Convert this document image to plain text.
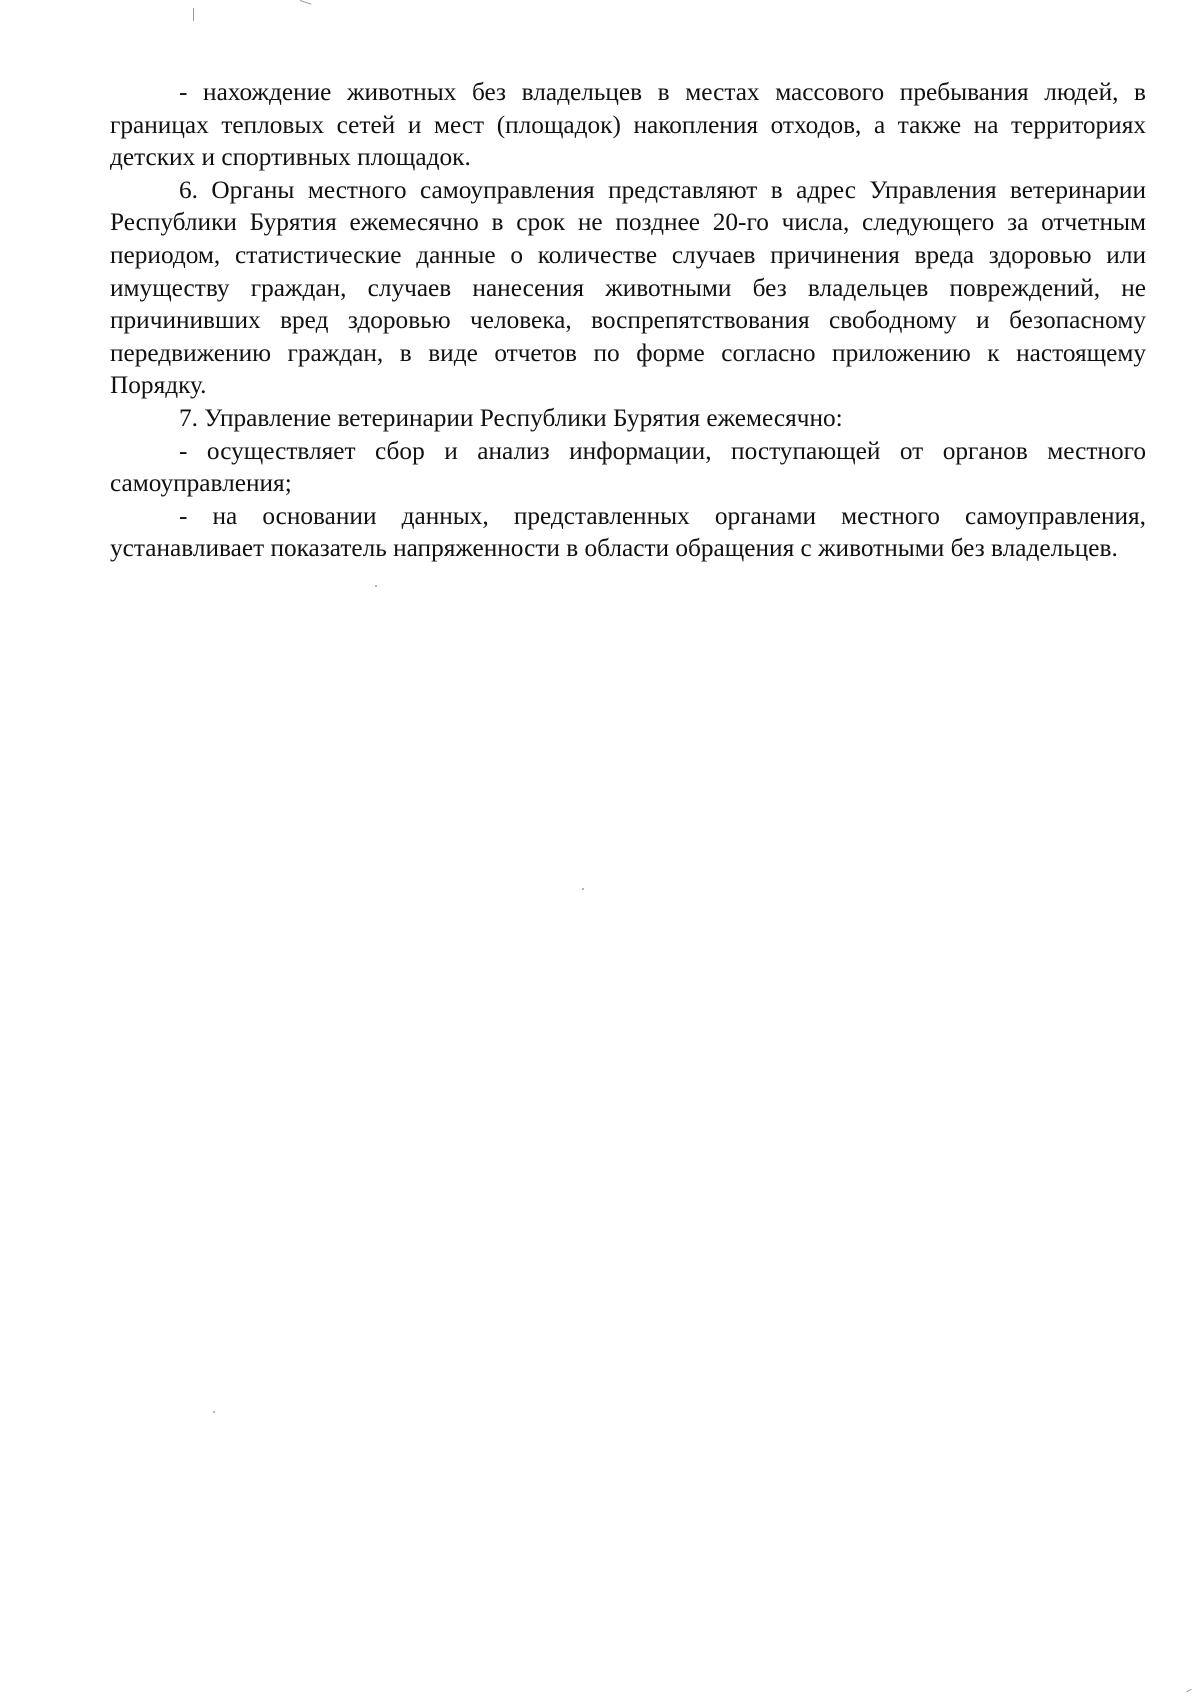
- нахождение животных без владельцев в местах массового пребывания людей, в границах тепловых сетей и мест (площадок) накопления отходов, а также на территориях детских и спортивных площадок.

6. Органы местного самоуправления представляют в адрес Управления ветеринарии Республики Бурятия ежемесячно в срок не позднее 20-го числа, следующего за отчетным периодом, статистические данные о количестве случаев причинения вреда здоровью или имуществу граждан, случаев нанесения животными без владельцев повреждений, не причинивших вред здоровью человека, воспрепятствования свободному и безопасному передвижению граждан, в виде отчетов по форме согласно приложению к настоящему Порядку.

7. Управление ветеринарии Республики Бурятия ежемесячно:

- осуществляет сбор и анализ информации, поступающей от органов местного самоуправления;

- на основании данных, представленных органами местного самоуправления, устанавливает показатель напряженности в области обращения с животными без владельцев.
